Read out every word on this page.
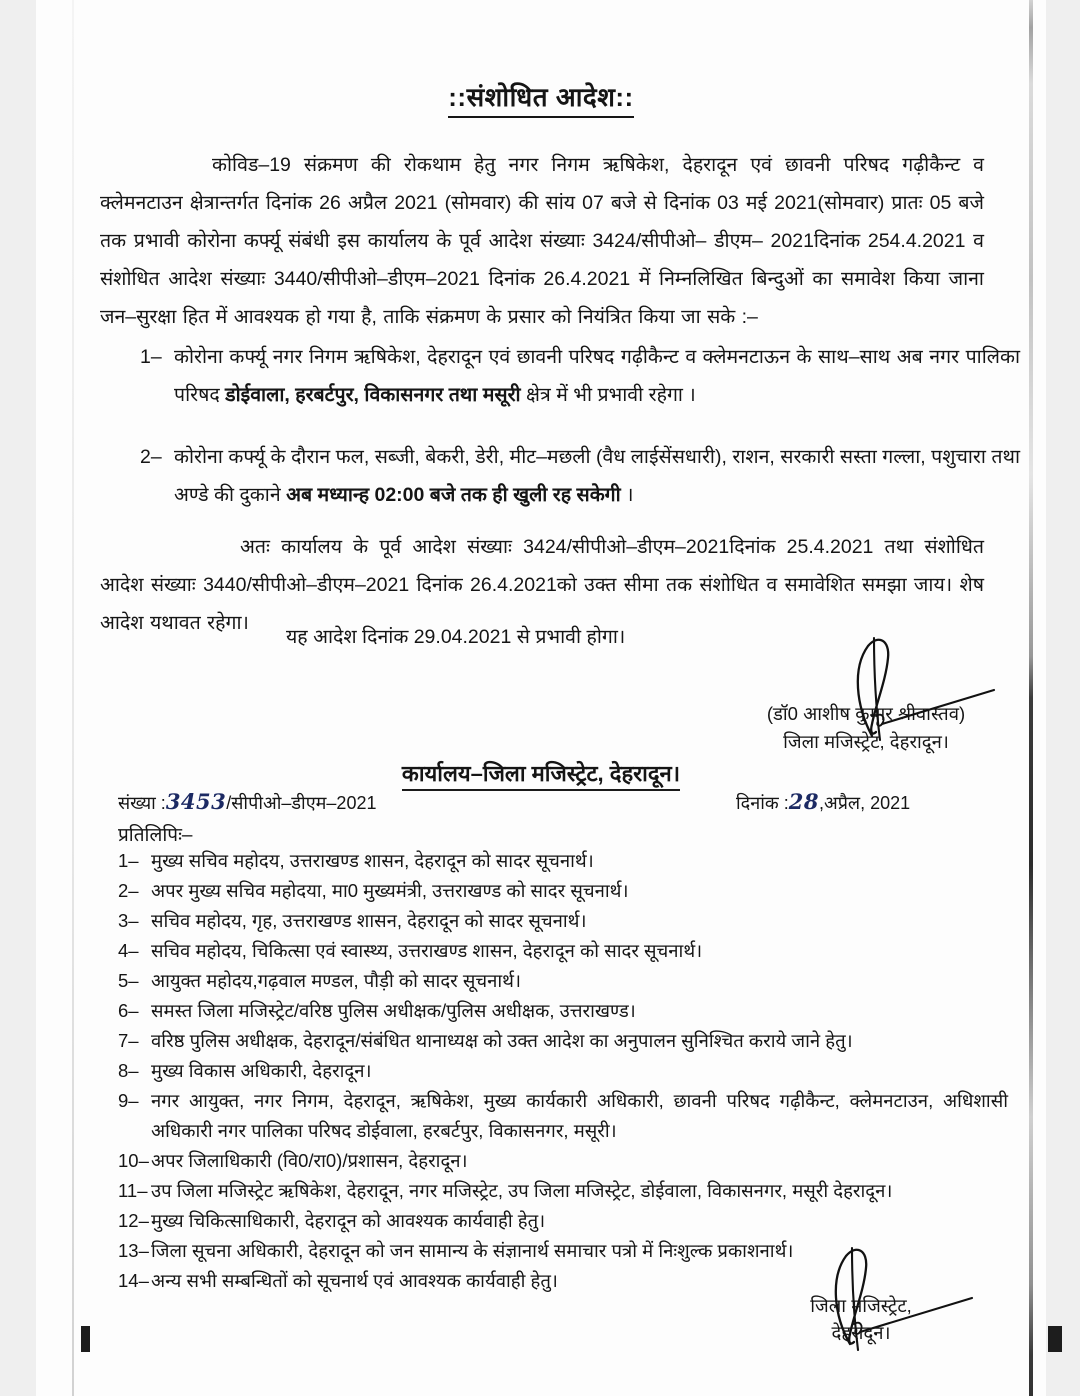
::संशोधित आदेश::
कोविड–19 संक्रमण की रोकथाम हेतु नगर निगम ऋषिकेश, देहरादून एवं छावनी परिषद गढ़ीकैन्ट व क्लेमनटाउन क्षेत्रान्तर्गत दिनांक 26 अप्रैल 2021 (सोमवार) की सांय 07 बजे से दिनांक 03 मई 2021(सोमवार) प्रातः 05 बजे तक प्रभावी कोरोना कर्फ्यू संबंधी इस कार्यालय के पूर्व आदेश संख्याः 3424/सीपीओ– डीएम– 2021दिनांक 254.4.2021 व संशोधित आदेश संख्याः 3440/सीपीओ–डीएम–2021 दिनांक 26.4.2021 में निम्नलिखित बिन्दुओं का समावेश किया जाना जन–सुरक्षा हित में आवश्यक हो गया है, ताकि संक्रमण के प्रसार को नियंत्रित किया जा सके :–
1– कोरोना कर्फ्यू नगर निगम ऋषिकेश, देहरादून एवं छावनी परिषद गढ़ीकैन्ट व क्लेमनटाऊन के साथ–साथ अब नगर पालिका परिषद डोईवाला, हरबर्टपुर, विकासनगर तथा मसूरी क्षेत्र में भी प्रभावी रहेगा ।
2– कोरोना कर्फ्यू के दौरान फल, सब्जी, बेकरी, डेरी, मीट–मछली (वैध लाईसेंसधारी), राशन, सरकारी सस्ता गल्ला, पशुचारा तथा अण्डे की दुकाने अब मध्यान्ह 02:00 बजे तक ही खुली रह सकेगी ।
अतः कार्यालय के पूर्व आदेश संख्याः 3424/सीपीओ–डीएम–2021दिनांक 25.4.2021 तथा संशोधित आदेश संख्याः 3440/सीपीओ–डीएम–2021 दिनांक 26.4.2021को उक्त सीमा तक संशोधित व समावेशित समझा जाय। शेष आदेश यथावत रहेगा।
यह आदेश दिनांक 29.04.2021 से प्रभावी होगा।
(डॉ0 आशीष कुमार श्रीवास्तव)
जिला मजिस्ट्रेट, देहरादून।
कार्यालय–जिला मजिस्ट्रेट, देहरादून।
संख्या :3453/सीपीओ–डीएम–2021	दिनांक :28,अप्रैल, 2021
प्रतिलिपिः–
1– मुख्य सचिव महोदय, उत्तराखण्ड शासन, देहरादून को सादर सूचनार्थ।
2– अपर मुख्य सचिव महोदया, मा0 मुख्यमंत्री, उत्तराखण्ड को सादर सूचनार्थ।
3– सचिव महोदय, गृह, उत्तराखण्ड शासन, देहरादून को सादर सूचनार्थ।
4– सचिव महोदय, चिकित्सा एवं स्वास्थ्य, उत्तराखण्ड शासन, देहरादून को सादर सूचनार्थ।
5– आयुक्त महोदय,गढ़वाल मण्डल, पौड़ी को सादर सूचनार्थ।
6– समस्त जिला मजिस्ट्रेट/वरिष्ठ पुलिस अधीक्षक/पुलिस अधीक्षक, उत्तराखण्ड।
7– वरिष्ठ पुलिस अधीक्षक, देहरादून/संबंधित थानाध्यक्ष को उक्त आदेश का अनुपालन सुनिश्चित कराये जाने हेतु।
8– मुख्य विकास अधिकारी, देहरादून।
9– नगर आयुक्त, नगर निगम, देहरादून, ऋषिकेश, मुख्य कार्यकारी अधिकारी, छावनी परिषद गढ़ीकैन्ट, क्लेमनटाउन, अधिशासी अधिकारी नगर पालिका परिषद डोईवाला, हरबर्टपुर, विकासनगर, मसूरी।
10– अपर जिलाधिकारी (वि0/रा0)/प्रशासन, देहरादून।
11– उप जिला मजिस्ट्रेट ऋषिकेश, देहरादून, नगर मजिस्ट्रेट, उप जिला मजिस्ट्रेट, डोईवाला, विकासनगर, मसूरी देहरादून।
12– मुख्य चिकित्साधिकारी, देहरादून को आवश्यक कार्यवाही हेतु।
13– जिला सूचना अधिकारी, देहरादून को जन सामान्य के संज्ञानार्थ समाचार पत्रो में निःशुल्क प्रकाशनार्थ।
14– अन्य सभी सम्बन्धितों को सूचनार्थ एवं आवश्यक कार्यवाही हेतु।
जिला मजिस्ट्रेट,
देहरादून।
